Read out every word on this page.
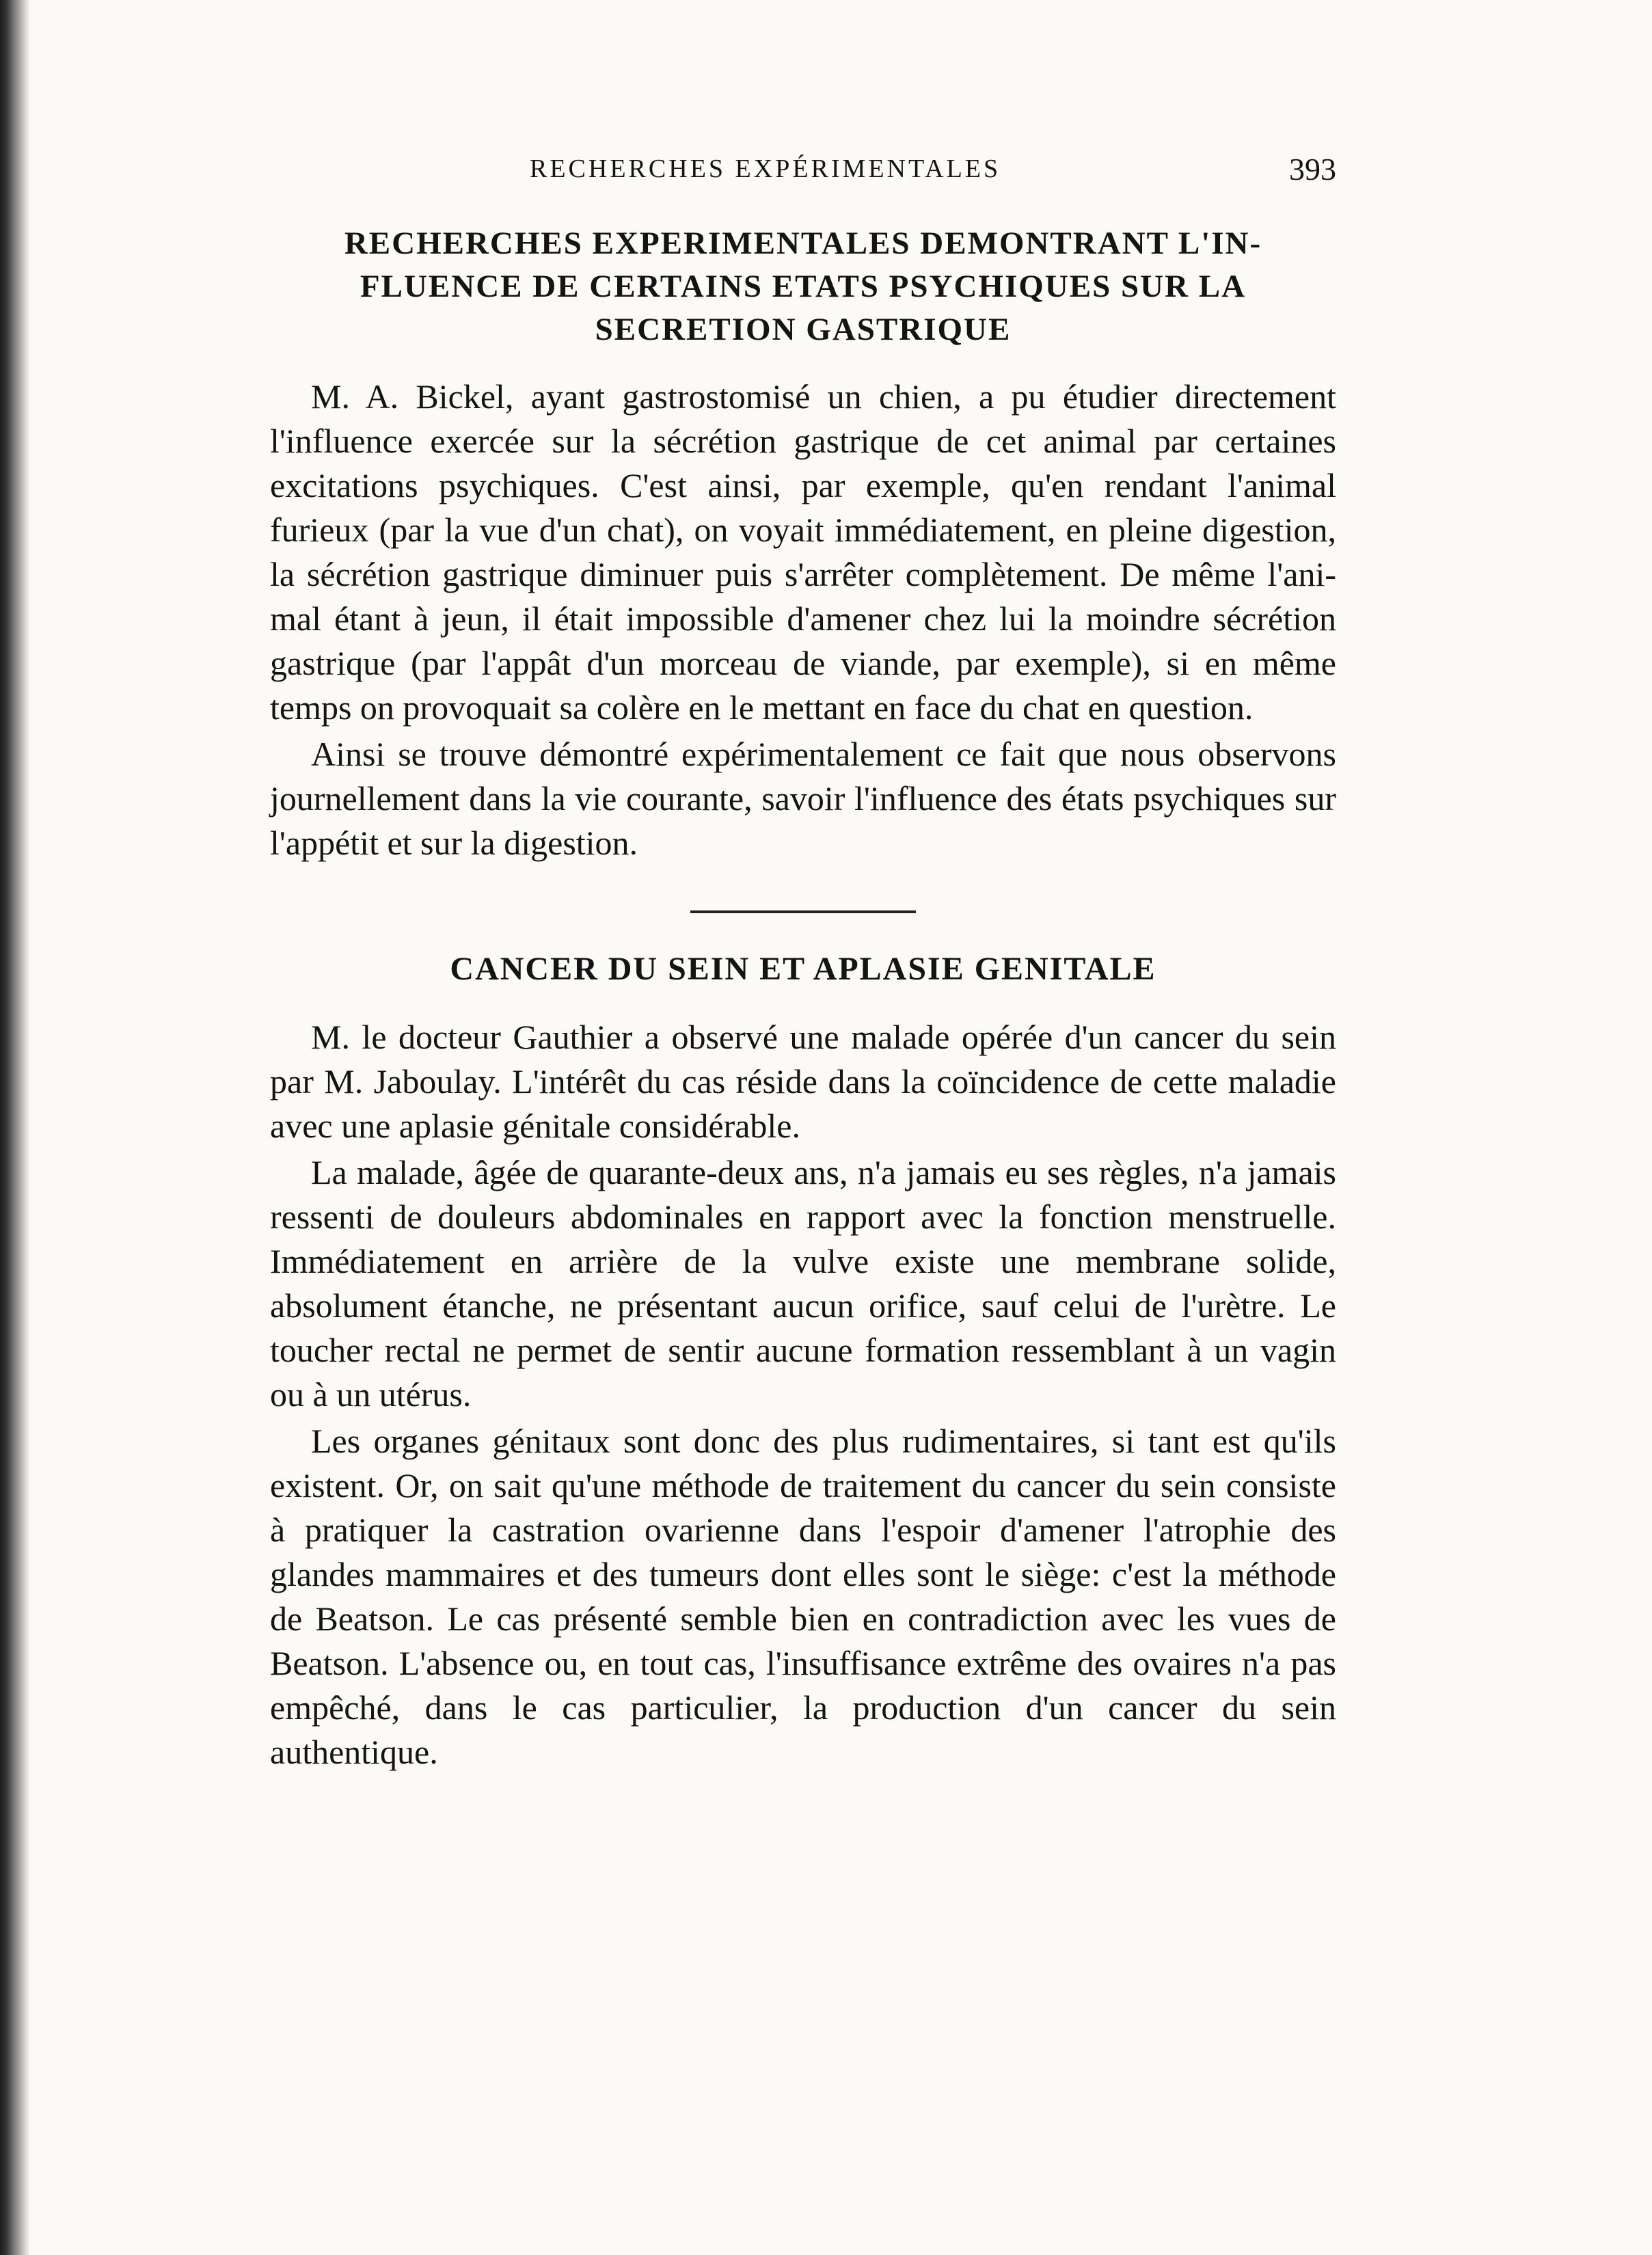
RECHERCHES EXPÉRIMENTALES	393
RECHERCHES EXPERIMENTALES DEMONTRANT L'IN-
FLUENCE DE CERTAINS ETATS PSYCHIQUES SUR LA
SECRETION GASTRIQUE

M. A. Bickel, ayant gastrostomisé un chien, a pu étudier directement l'influence exercée sur la sécrétion gastrique de cet animal par certaines excitations psychiques. C'est ainsi, par exemple, qu'en rendant l'animal furieux (par la vue d'un chat), on voyait immédiatement, en pleine digestion, la sécrétion gastrique diminuer puis s'arrêter complètement. De même l'animal étant à jeun, il était impossible d'amener chez lui la moindre sécrétion gastrique (par l'appât d'un morceau de viande, par exemple), si en même temps on provoquait sa colère en le mettant en face du chat en question.

Ainsi se trouve démontré expérimentalement ce fait que nous observons journellement dans la vie courante, savoir l'influence des états psychiques sur l'appétit et sur la digestion.

CANCER DU SEIN ET APLASIE GENITALE

M. le docteur Gauthier a observé une malade opérée d'un cancer du sein par M. Jaboulay. L'intérêt du cas réside dans la coïncidence de cette maladie avec une aplasie génitale considérable.

La malade, âgée de quarante-deux ans, n'a jamais eu ses règles, n'a jamais ressenti de douleurs abdominales en rapport avec la fonction menstruelle. Immédiatement en arrière de la vulve existe une membrane solide, absolument étanche, ne présentant aucun orifice, sauf celui de l'urètre. Le toucher rectal ne permet de sentir aucune formation ressemblant à un vagin ou à un utérus.

Les organes génitaux sont donc des plus rudimentaires, si tant est qu'ils existent. Or, on sait qu'une méthode de traitement du cancer du sein consiste à pratiquer la castration ovarienne dans l'espoir d'amener l'atrophie des glandes mammaires et des tumeurs dont elles sont le siège: c'est la méthode de Beatson. Le cas présenté semble bien en contradiction avec les vues de Beatson. L'absence ou, en tout cas, l'insuffisance extrême des ovaires n'a pas empêché, dans le cas particulier, la production d'un cancer du sein authentique.
